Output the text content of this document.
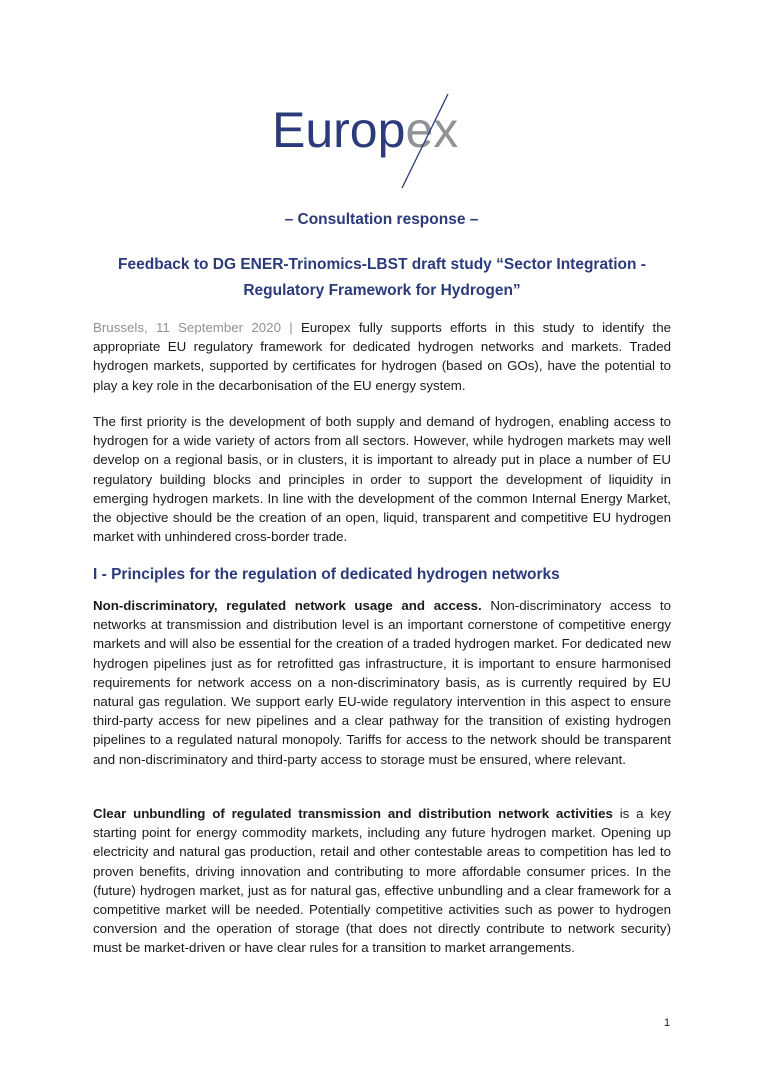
Europex
– Consultation response –
Feedback to DG ENER-Trinomics-LBST draft study “Sector Integration -
Regulatory Framework for Hydrogen”
Brussels, 11 September 2020 | Europex fully supports efforts in this study to identify the appropriate EU regulatory framework for dedicated hydrogen networks and markets. Traded hydrogen markets, supported by certificates for hydrogen (based on GOs), have the potential to play a key role in the decarbonisation of the EU energy system.
The first priority is the development of both supply and demand of hydrogen, enabling access to hydrogen for a wide variety of actors from all sectors. However, while hydrogen markets may well develop on a regional basis, or in clusters, it is important to already put in place a number of EU regulatory building blocks and principles in order to support the development of liquidity in emerging hydrogen markets. In line with the development of the common Internal Energy Market, the objective should be the creation of an open, liquid, transparent and competitive EU hydrogen market with unhindered cross-border trade.
I - Principles for the regulation of dedicated hydrogen networks
Non-discriminatory, regulated network usage and access. Non-discriminatory access to networks at transmission and distribution level is an important cornerstone of competitive energy markets and will also be essential for the creation of a traded hydrogen market. For dedicated new hydrogen pipelines just as for retrofitted gas infrastructure, it is important to ensure harmonised requirements for network access on a non-discriminatory basis, as is currently required by EU natural gas regulation. We support early EU-wide regulatory intervention in this aspect to ensure third-party access for new pipelines and a clear pathway for the transition of existing hydrogen pipelines to a regulated natural monopoly. Tariffs for access to the network should be transparent and non-discriminatory and third-party access to storage must be ensured, where relevant.
Clear unbundling of regulated transmission and distribution network activities is a key starting point for energy commodity markets, including any future hydrogen market. Opening up electricity and natural gas production, retail and other contestable areas to competition has led to proven benefits, driving innovation and contributing to more affordable consumer prices. In the (future) hydrogen market, just as for natural gas, effective unbundling and a clear framework for a competitive market will be needed. Potentially competitive activities such as power to hydrogen conversion and the operation of storage (that does not directly contribute to network security) must be market-driven or have clear rules for a transition to market arrangements.
1
